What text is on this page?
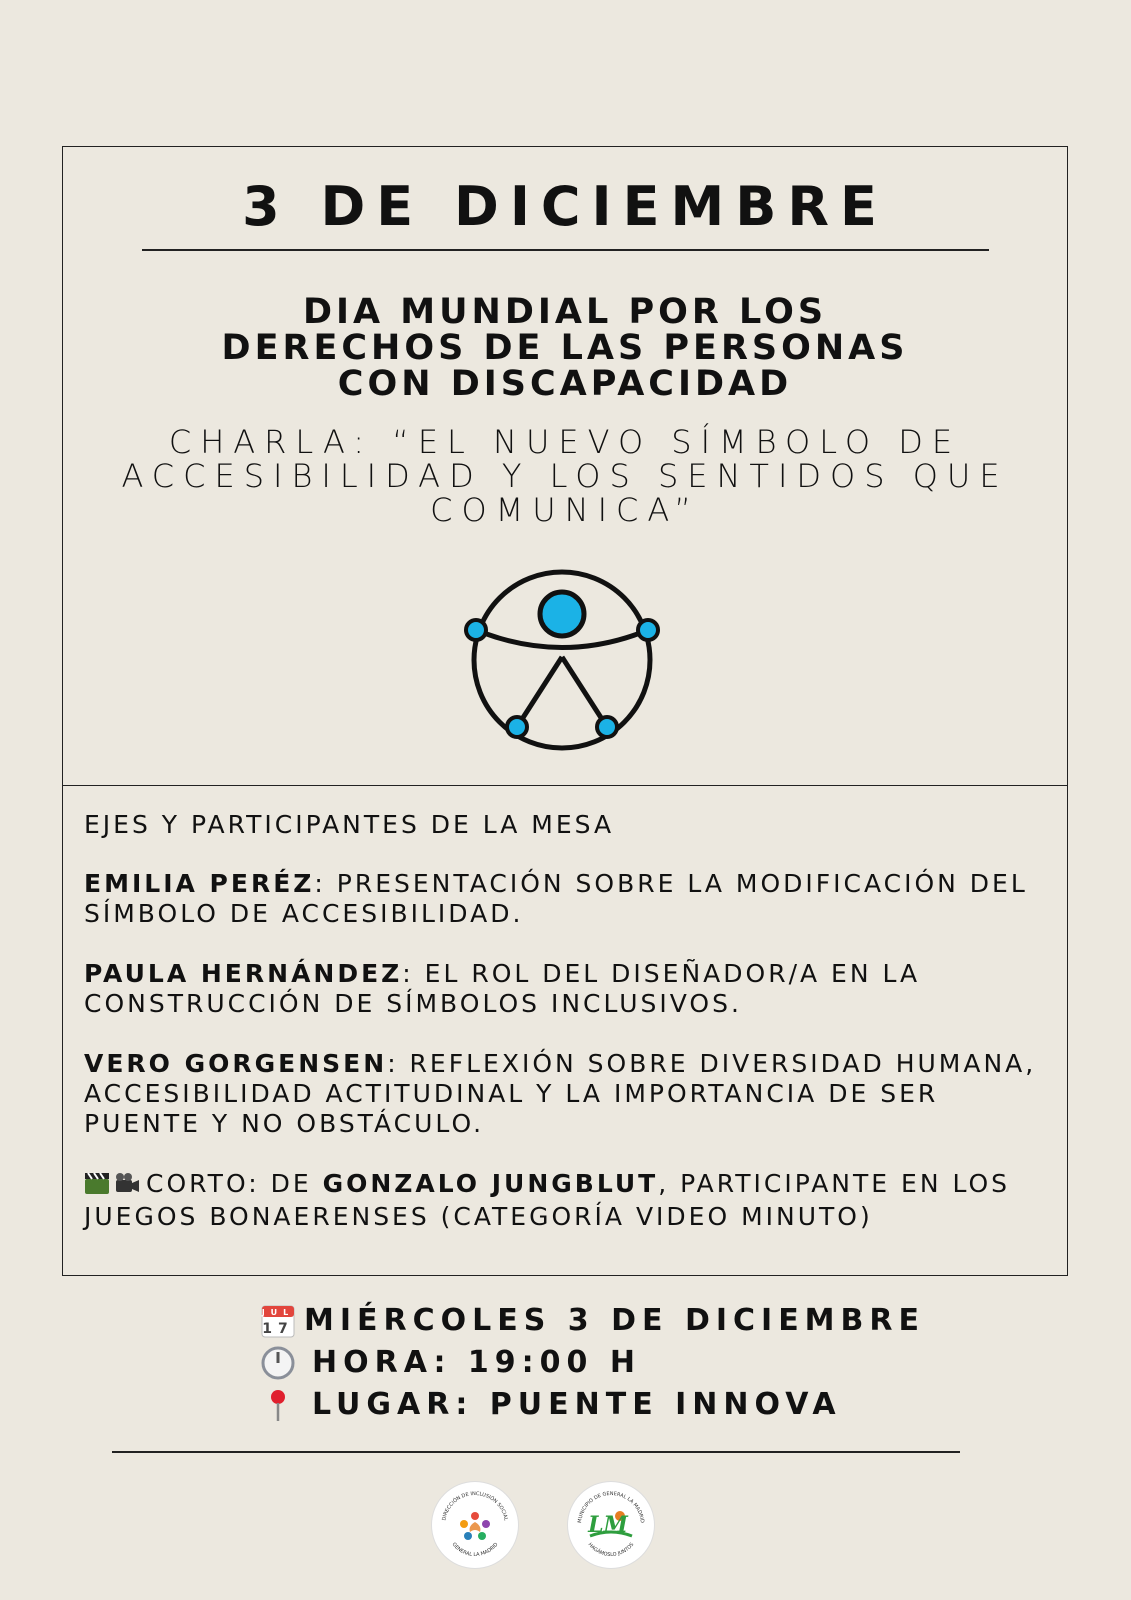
3 DE DICIEMBRE
DIA MUNDIAL POR LOS
DERECHOS DE LAS PERSONAS
CON DISCAPACIDAD
CHARLA: “EL NUEVO SÍMBOLO DE
ACCESIBILIDAD Y LOS SENTIDOS QUE
COMUNICA”

EJES Y PARTICIPANTES DE LA MESA

EMILIA PERÉZ: PRESENTACIÓN SOBRE LA MODIFICACIÓN DEL SÍMBOLO DE ACCESIBILIDAD.

PAULA HERNÁNDEZ: EL ROL DEL DISEÑADOR/A EN LA CONSTRUCCIÓN DE SÍMBOLOS INCLUSIVOS.

VERO GORGENSEN: REFLEXIÓN SOBRE DIVERSIDAD HUMANA, ACCESIBILIDAD ACTITUDINAL Y LA IMPORTANCIA DE SER PUENTE Y NO OBSTÁCULO.

CORTO: DE GONZALO JUNGBLUT, PARTICIPANTE EN LOS JUEGOS BONAERENSES (CATEGORÍA VIDEO MINUTO)

JUL
17 MIÉRCOLES 3 DE DICIEMBRE
HORA: 19:00 H
LUGAR: PUENTE INNOVA
DIRECCIÓN DE INCLUSIÓN SOCIAL
GENERAL LA MADRID
MUNICIPIO DE GENERAL LA MADRID
HAGÁMOSLO JUNTOS
LM
